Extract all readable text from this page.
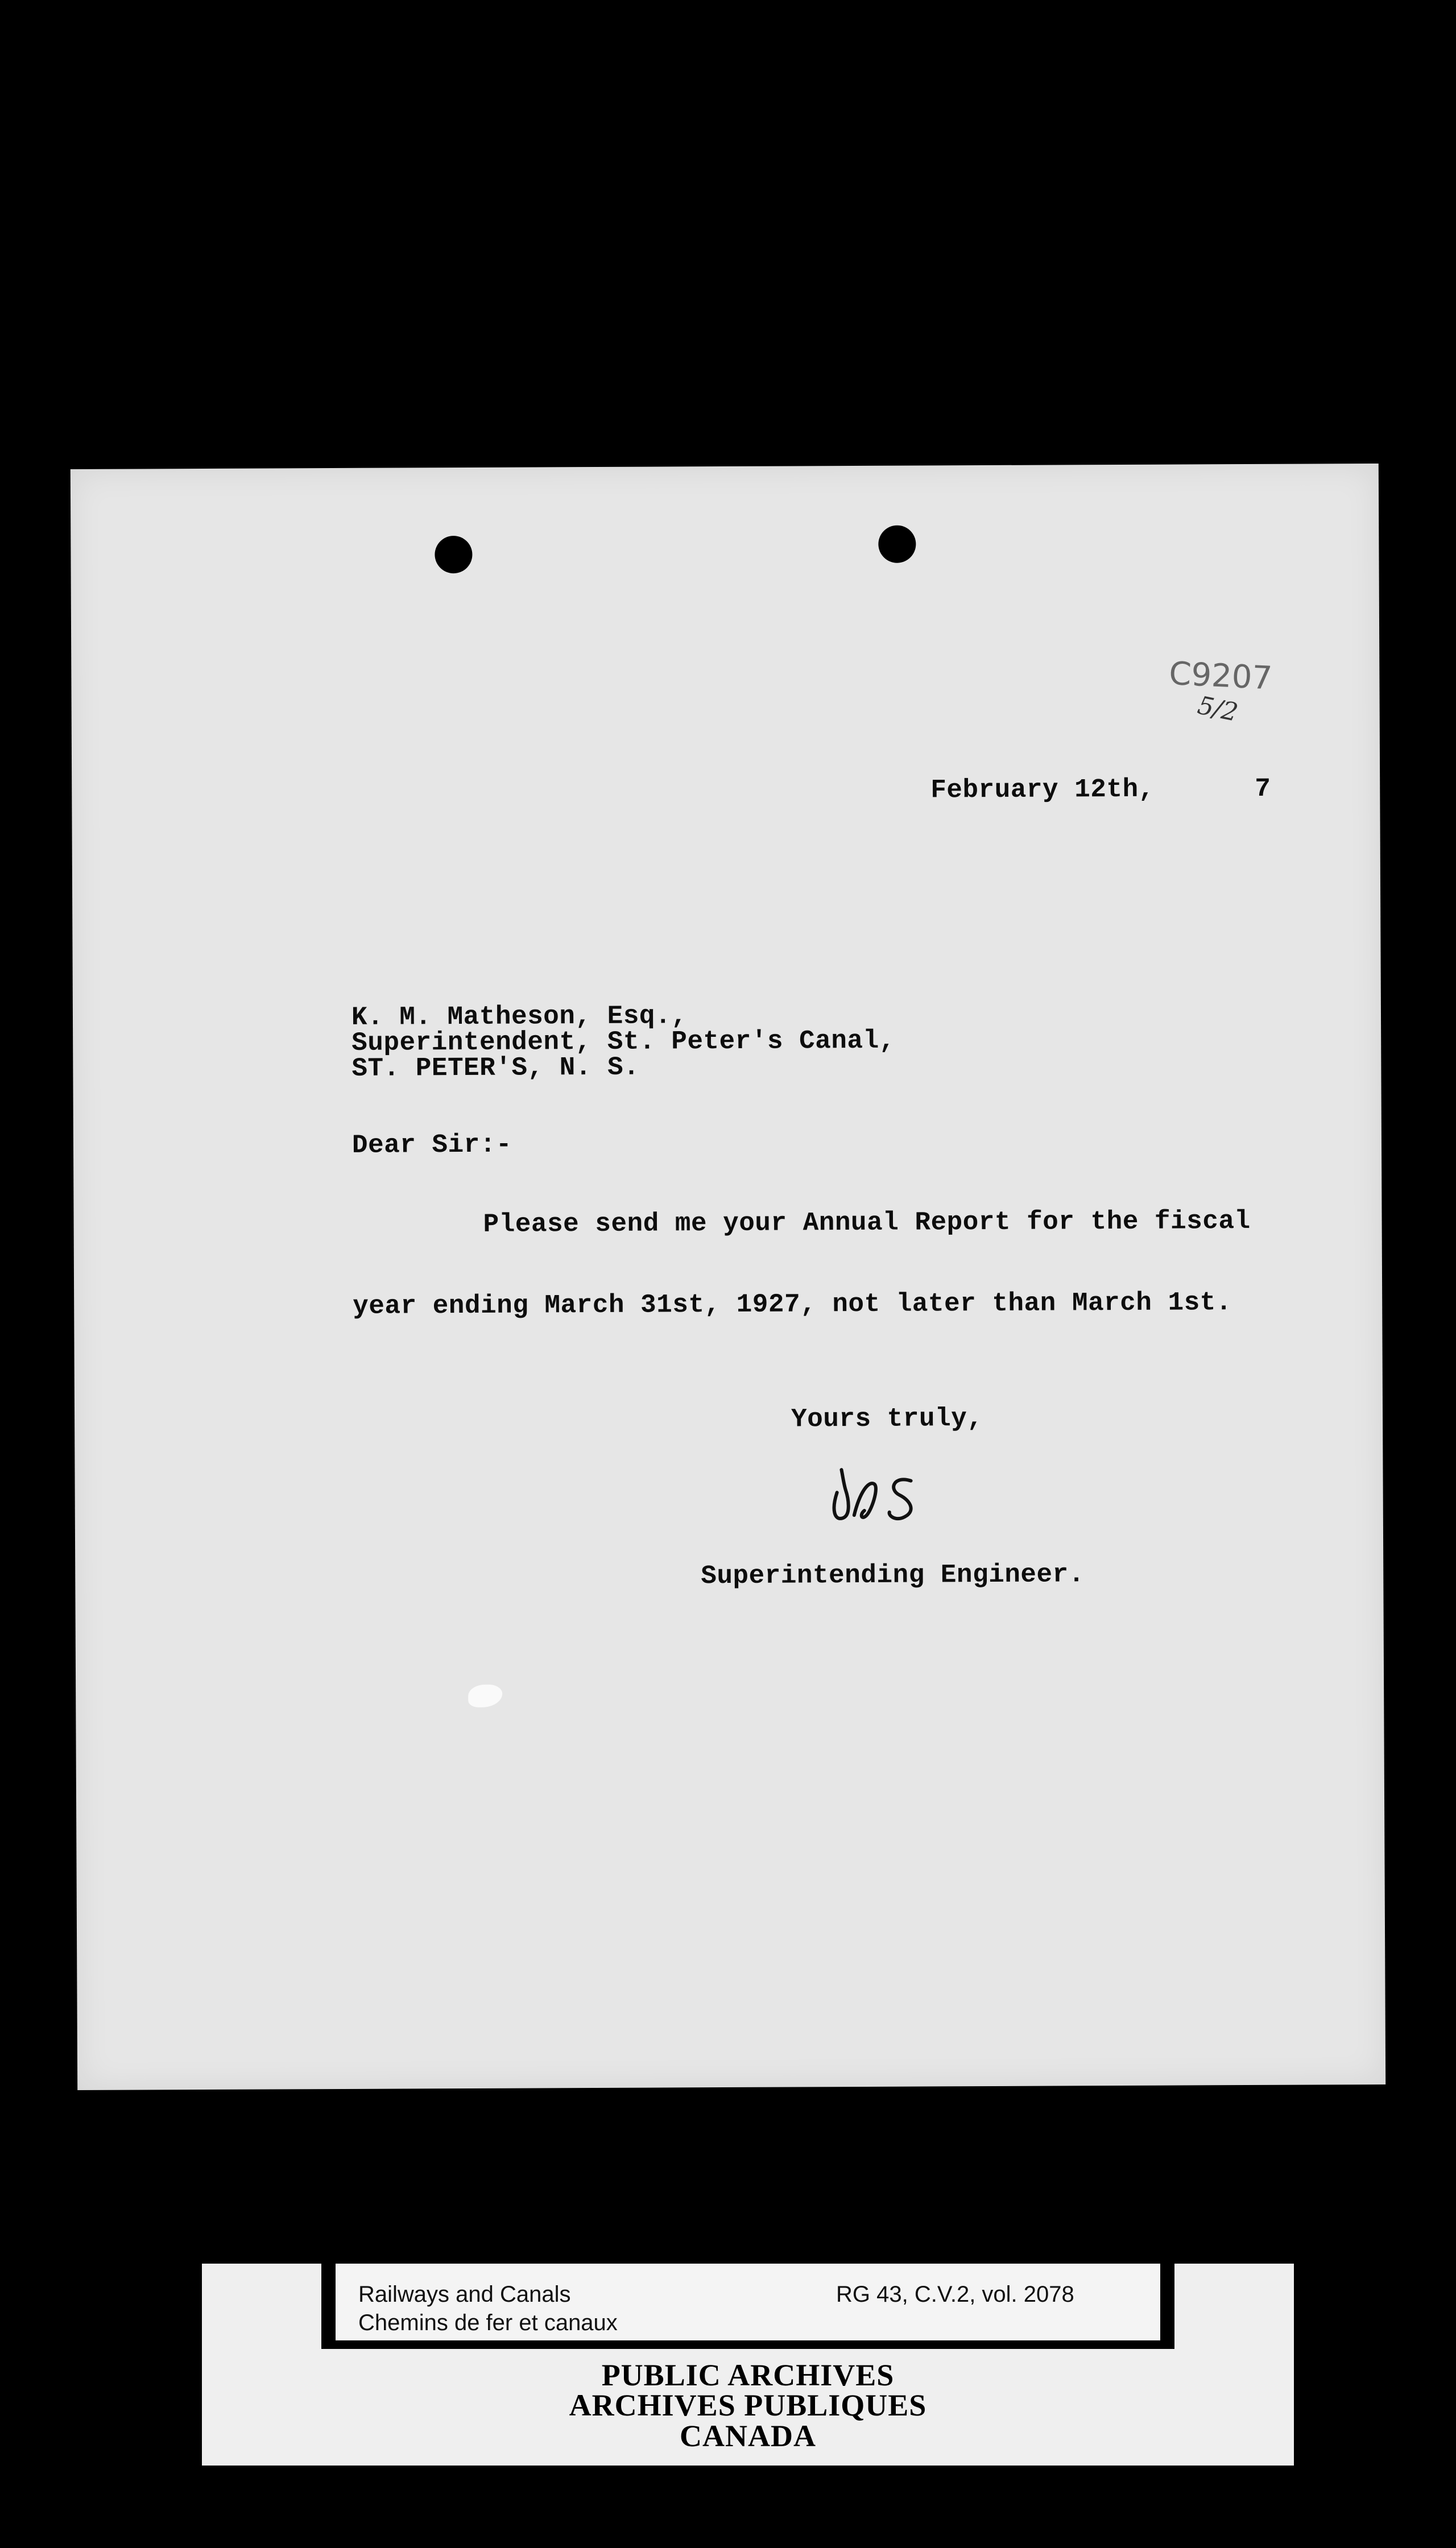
C9207
5/2
February 12th,	7
K. M. Matheson, Esq.,
Superintendent, St. Peter's Canal,
ST. PETER'S, N. S.
Dear Sir:-
Please send me your Annual Report for the fiscal
year ending March 31st, 1927, not later than March 1st.
Yours truly,
Superintending Engineer.
Railways and Canals
Chemins de fer et canaux
RG 43, C.V.2, vol. 2078
PUBLIC ARCHIVES
ARCHIVES PUBLIQUES
CANADA
